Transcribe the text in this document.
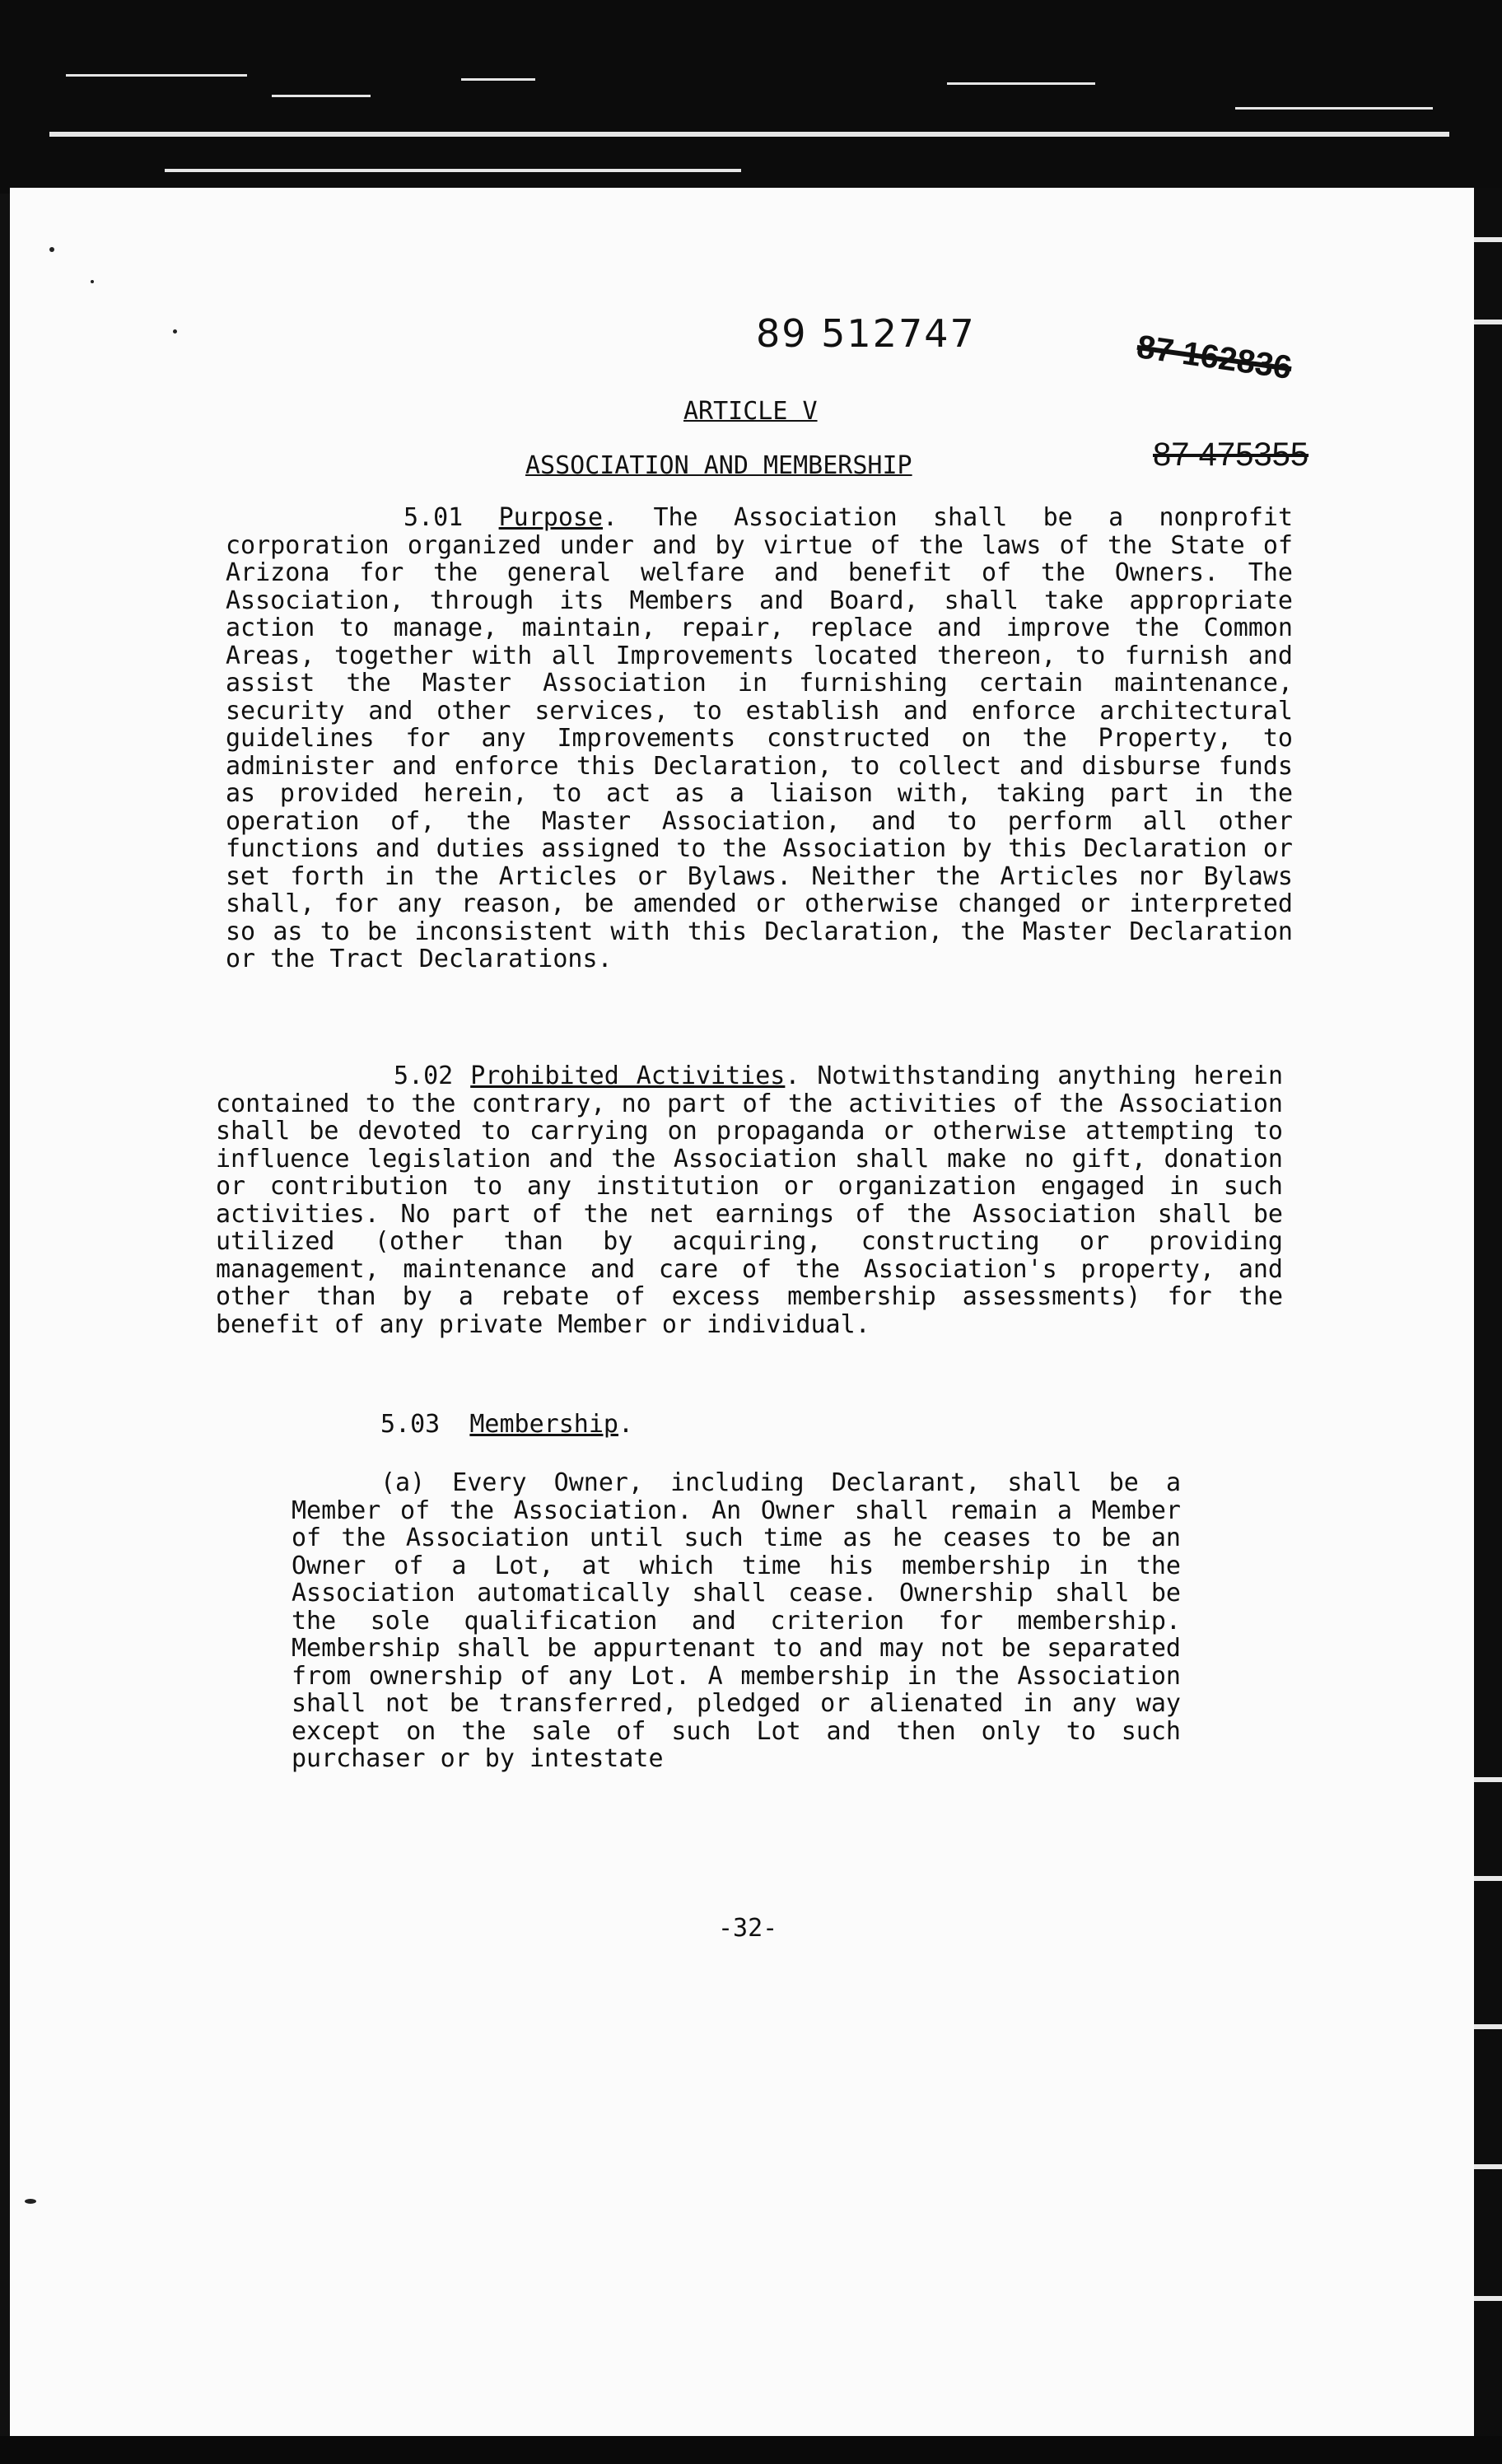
89 512747	87 162836
87 475355
ARTICLE V
ASSOCIATION AND MEMBERSHIP
5.01 Purpose. The Association shall be a nonprofit corporation organized under and by virtue of the laws of the State of Arizona for the general welfare and benefit of the Owners. The Association, through its Members and Board, shall take appropriate action to manage, maintain, repair, replace and improve the Common Areas, together with all Improvements located thereon, to furnish and assist the Master Association in furnishing certain maintenance, security and other services, to establish and enforce architectural guidelines for any Improvements constructed on the Property, to administer and enforce this Declaration, to collect and disburse funds as provided herein, to act as a liaison with, taking part in the operation of, the Master Association, and to perform all other functions and duties assigned to the Association by this Declaration or set forth in the Articles or Bylaws. Neither the Articles nor Bylaws shall, for any reason, be amended or otherwise changed or interpreted so as to be inconsistent with this Declaration, the Master Declaration or the Tract Declarations.
5.02 Prohibited Activities. Notwithstanding anything herein contained to the contrary, no part of the activities of the Association shall be devoted to carrying on propaganda or otherwise attempting to influence legislation and the Association shall make no gift, donation or contribution to any institution or organization engaged in such activities. No part of the net earnings of the Association shall be utilized (other than by acquiring, constructing or providing management, maintenance and care of the Association's property, and other than by a rebate of excess membership assessments) for the benefit of any private Member or individual.
5.03 Membership.
(a) Every Owner, including Declarant, shall be a Member of the Association. An Owner shall remain a Member of the Association until such time as he ceases to be an Owner of a Lot, at which time his membership in the Association automatically shall cease. Ownership shall be the sole qualification and criterion for membership. Membership shall be appurtenant to and may not be separated from ownership of any Lot. A membership in the Association shall not be transferred, pledged or alienated in any way except on the sale of such Lot and then only to such purchaser or by intestate
-32-
